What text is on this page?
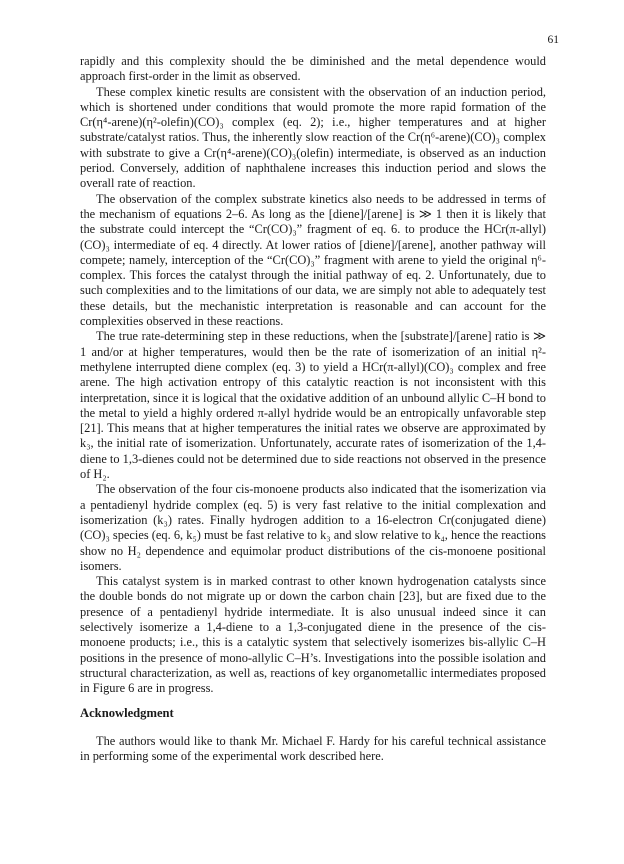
61

rapidly and this complexity should the be diminished and the metal dependence would approach first-order in the limit as observed.

These complex kinetic results are consistent with the observation of an induction period, which is shortened under conditions that would promote the more rapid formation of the Cr(η⁴-arene)(η²-olefin)(CO)₃ complex (eq. 2); i.e., higher temperatures and at higher substrate/catalyst ratios. Thus, the inherently slow reaction of the Cr(η⁶-arene)(CO)₃ complex with substrate to give a Cr(η⁴-arene)(CO)₃(olefin) intermediate, is observed as an induction period. Conversely, addition of naphthalene increases this induction period and slows the overall rate of reaction.

The observation of the complex substrate kinetics also needs to be addressed in terms of the mechanism of equations 2–6. As long as the [diene]/[arene] is ≫ 1 then it is likely that the substrate could intercept the “Cr(CO)₃” fragment of eq. 6. to produce the HCr(π-allyl)(CO)₃ intermediate of eq. 4 directly. At lower ratios of [diene]/[arene], another pathway will compete; namely, interception of the “Cr(CO)₃” fragment with arene to yield the original η⁶-complex. This forces the catalyst through the initial pathway of eq. 2. Unfortunately, due to such complexities and to the limitations of our data, we are simply not able to adequately test these details, but the mechanistic interpretation is reasonable and can account for the complexities observed in these reactions.

The true rate-determining step in these reductions, when the [substrate]/[arene] ratio is ≫ 1 and/or at higher temperatures, would then be the rate of isomerization of an initial η²-methylene interrupted diene complex (eq. 3) to yield a HCr(π-allyl)(CO)₃ complex and free arene. The high activation entropy of this catalytic reaction is not inconsistent with this interpretation, since it is logical that the oxidative addition of an unbound allylic C–H bond to the metal to yield a highly ordered π-allyl hydride would be an entropically unfavorable step [21]. This means that at higher temperatures the initial rates we observe are approximated by k₃, the initial rate of isomerization. Unfortunately, accurate rates of isomerization of the 1,4-diene to 1,3-dienes could not be determined due to side reactions not observed in the presence of H₂.

The observation of the four cis-monoene products also indicated that the isomerization via a pentadienyl hydride complex (eq. 5) is very fast relative to the initial complexation and isomerization (k₃) rates. Finally hydrogen addition to a 16-electron Cr(conjugated diene)(CO)₃ species (eq. 6, k₅) must be fast relative to k₃ and slow relative to k₄, hence the reactions show no H₂ dependence and equimolar product distributions of the cis-monoene positional isomers.

This catalyst system is in marked contrast to other known hydrogenation catalysts since the double bonds do not migrate up or down the carbon chain [23], but are fixed due to the presence of a pentadienyl hydride intermediate. It is also unusual indeed since it can selectively isomerize a 1,4-diene to a 1,3-conjugated diene in the presence of the cis-monoene products; i.e., this is a catalytic system that selectively isomerizes bis-allylic C–H positions in the presence of mono-allylic C–H’s. Investigations into the possible isolation and structural characterization, as well as, reactions of key organometallic intermediates proposed in Figure 6 are in progress.

Acknowledgment

The authors would like to thank Mr. Michael F. Hardy for his careful technical assistance in performing some of the experimental work described here.
